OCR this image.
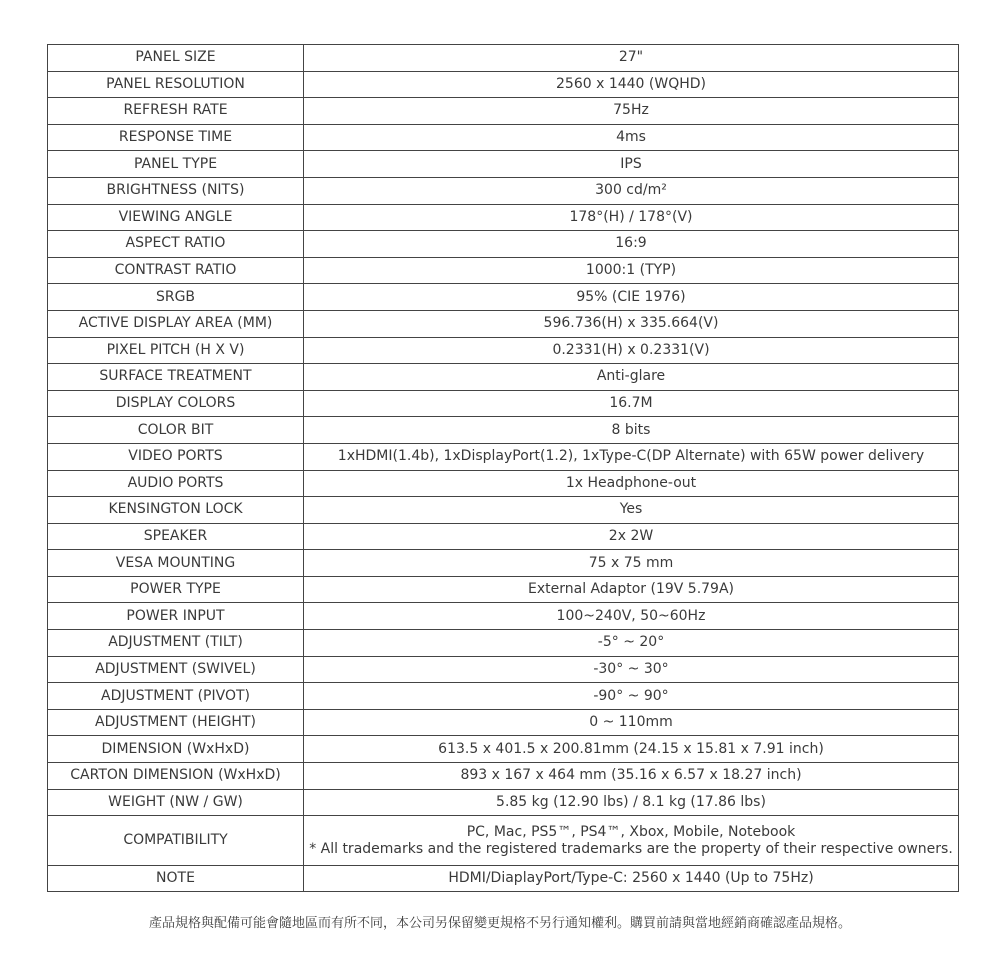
PANEL SIZE	27"
PANEL RESOLUTION	2560 x 1440 (WQHD)
REFRESH RATE	75Hz
RESPONSE TIME	4ms
PANEL TYPE	IPS
BRIGHTNESS (NITS)	300 cd/m²
VIEWING ANGLE	178°(H) / 178°(V)
ASPECT RATIO	16:9
CONTRAST RATIO	1000:1 (TYP)
SRGB	95% (CIE 1976)
ACTIVE DISPLAY AREA (MM)	596.736(H) x 335.664(V)
PIXEL PITCH (H X V)	0.2331(H) x 0.2331(V)
SURFACE TREATMENT	Anti-glare
DISPLAY COLORS	16.7M
COLOR BIT	8 bits
VIDEO PORTS	1xHDMI(1.4b), 1xDisplayPort(1.2), 1xType-C(DP Alternate) with 65W power delivery
AUDIO PORTS	1x Headphone-out
KENSINGTON LOCK	Yes
SPEAKER	2x 2W
VESA MOUNTING	75 x 75 mm
POWER TYPE	External Adaptor (19V 5.79A)
POWER INPUT	100~240V, 50~60Hz
ADJUSTMENT (TILT)	-5° ~ 20°
ADJUSTMENT (SWIVEL)	-30° ~ 30°
ADJUSTMENT (PIVOT)	-90° ~ 90°
ADJUSTMENT (HEIGHT)	0 ~ 110mm
DIMENSION (WxHxD)	613.5 x 401.5 x 200.81mm (24.15 x 15.81 x 7.91 inch)
CARTON DIMENSION (WxHxD)	893 x 167 x 464 mm (35.16 x 6.57 x 18.27 inch)
WEIGHT (NW / GW)	5.85 kg (12.90 lbs) / 8.1 kg (17.86 lbs)
COMPATIBILITY	PC, Mac, PS5™, PS4™, Xbox, Mobile, Notebook
* All trademarks and the registered trademarks are the property of their respective owners.

NOTE	HDMI/DiaplayPort/Type-C: 2560 x 1440 (Up to 75Hz)
產品規格與配備可能會隨地區而有所不同，本公司另保留變更規格不另行通知權利。購買前請與當地經銷商確認產品規格。
